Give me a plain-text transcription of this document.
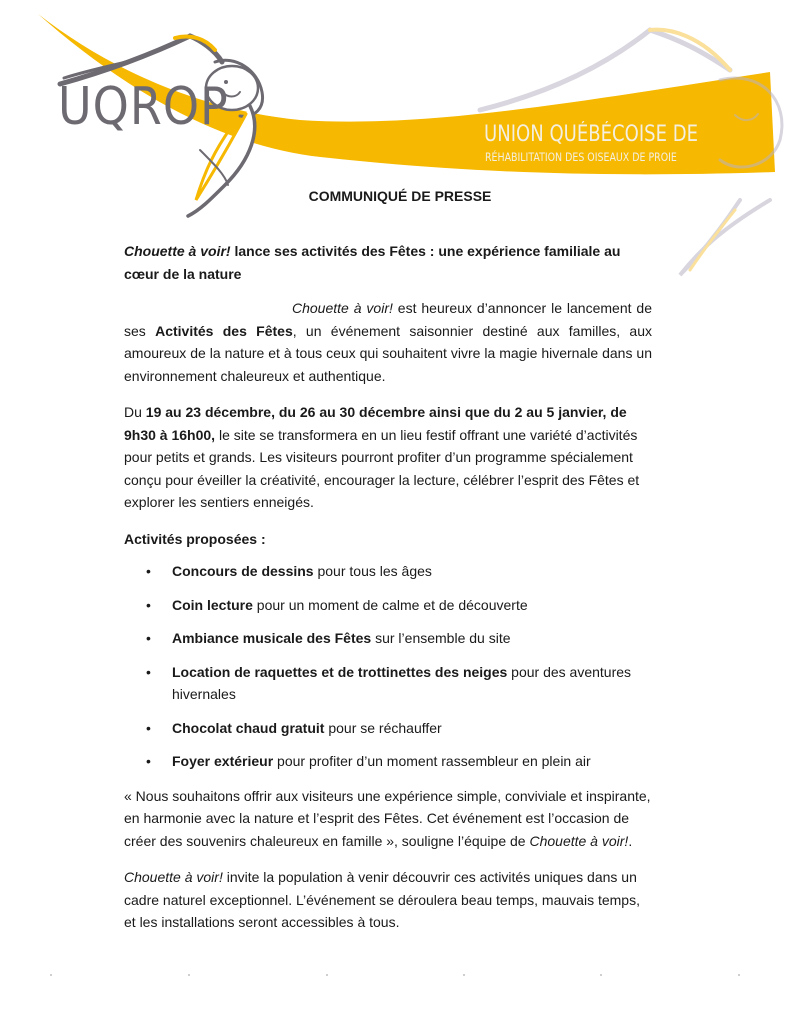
UQROP	UNION QUÉBÉCOISE DE
RÉHABILITATION DES OISEAUX DE PROIE
COMMUNIQUÉ DE PRESSE

Chouette à voir! lance ses activités des Fêtes : une expérience familiale au cœur de la nature

Chouette à voir! est heureux d’annoncer le lancement de ses Activités des Fêtes, un événement saisonnier destiné aux familles, aux amoureux de la nature et à tous ceux qui souhaitent vivre la magie hivernale dans un environnement chaleureux et authentique.

Du 19 au 23 décembre, du 26 au 30 décembre ainsi que du 2 au 5 janvier, de 9h30 à 16h00, le site se transformera en un lieu festif offrant une variété d’activités pour petits et grands. Les visiteurs pourront profiter d’un programme spécialement conçu pour éveiller la créativité, encourager la lecture, célébrer l’esprit des Fêtes et explorer les sentiers enneigés.

Activités proposées :

• Concours de dessins pour tous les âges
• Coin lecture pour un moment de calme et de découverte
• Ambiance musicale des Fêtes sur l’ensemble du site
• Location de raquettes et de trottinettes des neiges pour des aventures hivernales
• Chocolat chaud gratuit pour se réchauffer
• Foyer extérieur pour profiter d’un moment rassembleur en plein air

« Nous souhaitons offrir aux visiteurs une expérience simple, conviviale et inspirante, en harmonie avec la nature et l’esprit des Fêtes. Cet événement est l’occasion de créer des souvenirs chaleureux en famille », souligne l’équipe de Chouette à voir!.

Chouette à voir! invite la population à venir découvrir ces activités uniques dans un cadre naturel exceptionnel. L’événement se déroulera beau temps, mauvais temps, et les installations seront accessibles à tous.
